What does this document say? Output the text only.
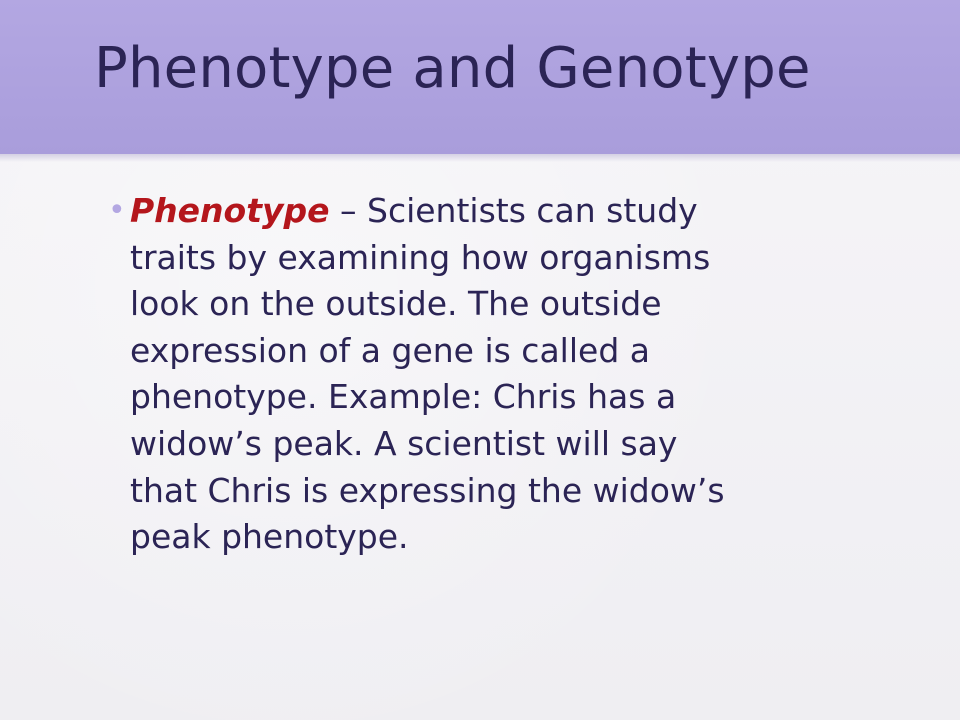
Phenotype and Genotype
• Phenotype – Scientists can study
traits by examining how organisms
look on the outside. The outside
expression of a gene is called a
phenotype. Example: Chris has a
widow’s peak. A scientist will say
that Chris is expressing the widow’s
peak phenotype.
